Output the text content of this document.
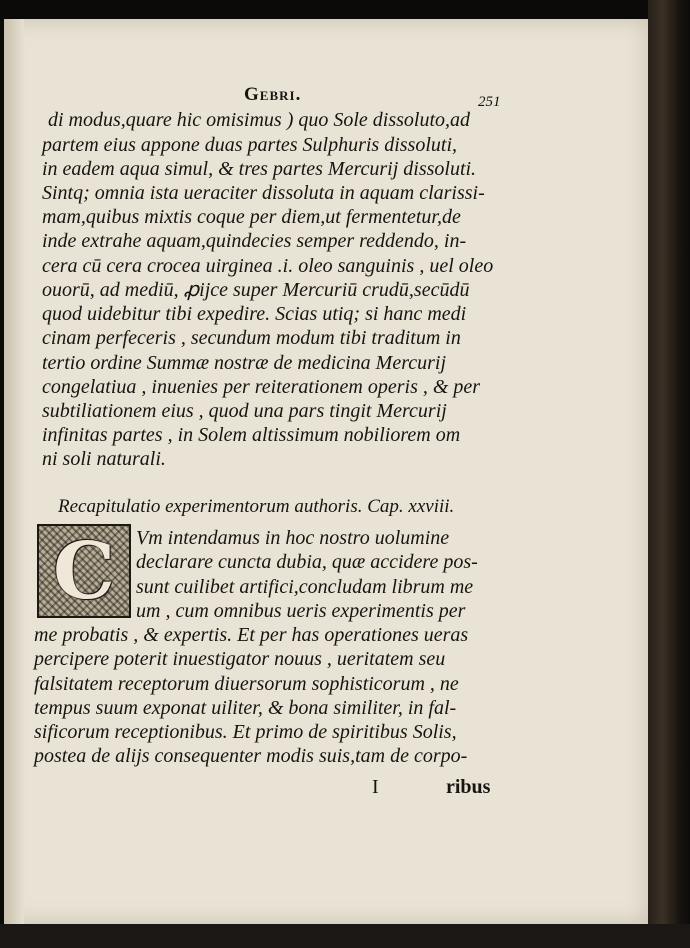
Gebri.	251
di modus,quare hic omisimus ) quo Sole dissoluto,ad
partem eius appone duas partes Sulphuris dissoluti,
in eadem aqua simul, & tres partes Mercurij dissoluti.
Sintq; omnia ista ueraciter dissoluta in aquam clarissi-
mam,quibus mixtis coque per diem,ut fermentetur,de
inde extrahe aquam,quindecies semper reddendo, in-
cera cū cera crocea uirginea .i. oleo sanguinis , uel oleo
ouorū, ad mediū, ꝓijce super Mercuriū crudū,secūdū
quod uidebitur tibi expedire. Scias utiq; si hanc medi
cinam perfeceris , secundum modum tibi traditum in
tertio ordine Summæ nostræ de medicina Mercurij
congelatiua , inuenies per reiterationem operis , & per
subtiliationem eius , quod una pars tingit Mercurij
infinitas partes , in Solem altissimum nobiliorem om
ni soli naturali.
Recapitulatio experimentorum authoris. Cap. xxviii.
C	Vm intendamus in hoc nostro uolumine
declarare cuncta dubia, quæ accidere pos-
sunt cuilibet artifici,concludam librum me
um , cum omnibus ueris experimentis per
me probatis , & expertis. Et per has operationes ueras
percipere poterit inuestigator nouus , ueritatem seu
falsitatem receptorum diuersorum sophisticorum , ne
tempus suum exponat uiliter, & bona similiter, in fal-
sificorum receptionibus. Et primo de spiritibus Solis,
postea de alijs consequenter modis suis,tam de corpo-
I	ribus
